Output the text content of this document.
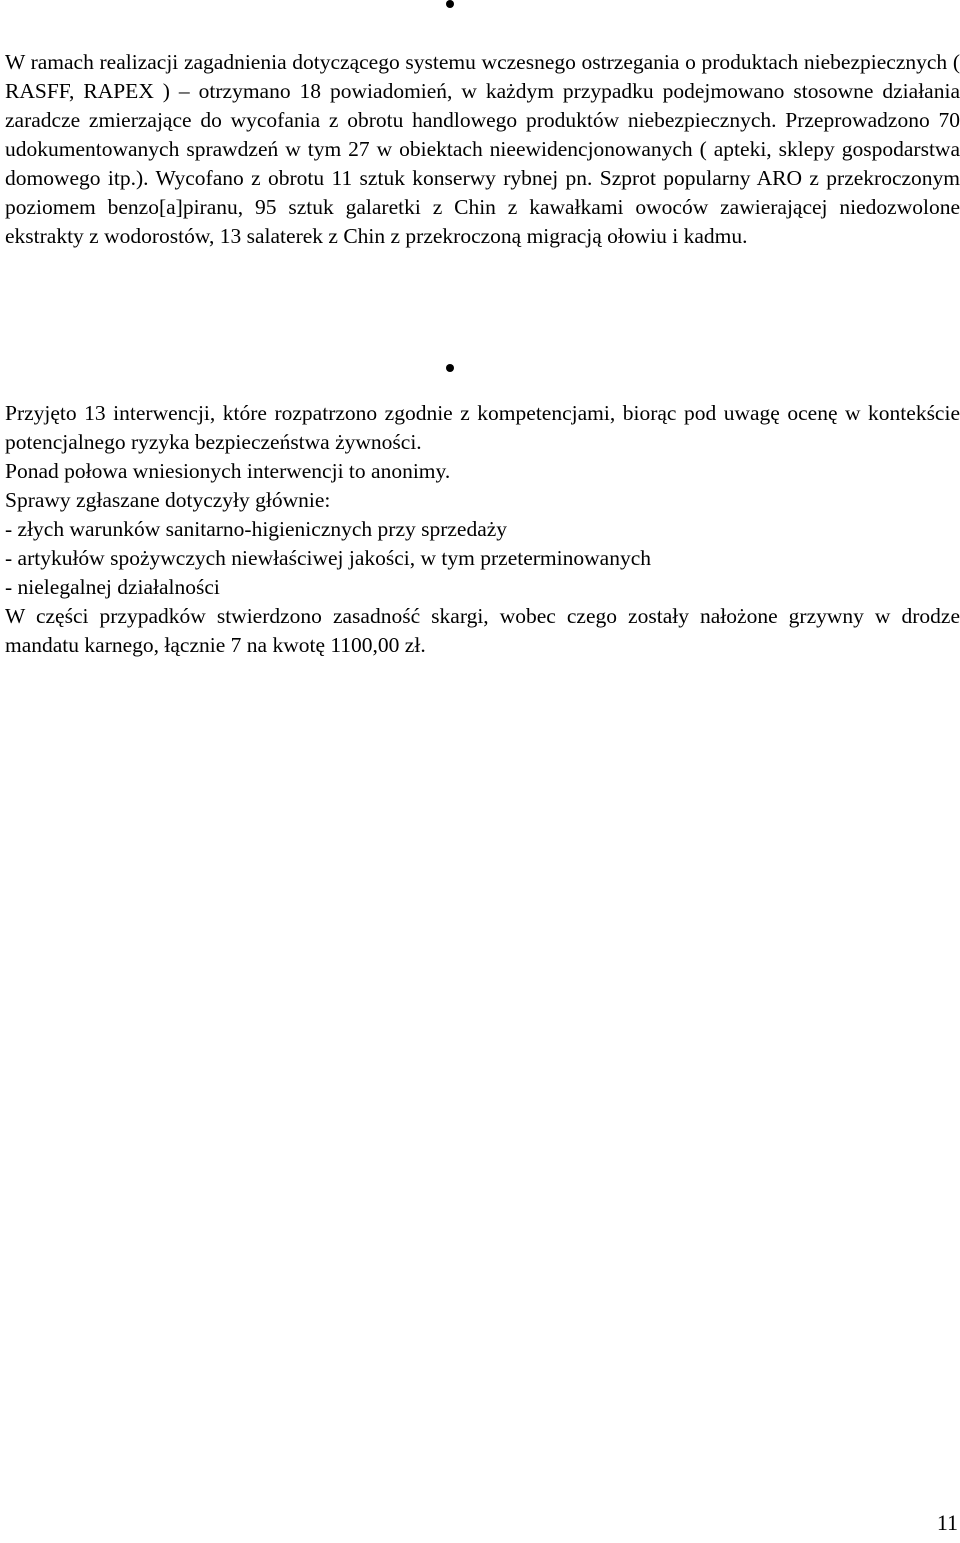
W ramach realizacji zagadnienia dotyczącego systemu wczesnego ostrzegania o produktach niebezpiecznych ( RASFF, RAPEX ) – otrzymano 18 powiadomień, w każdym przypadku podejmowano stosowne działania zaradcze zmierzające do wycofania z obrotu handlowego produktów niebezpiecznych. Przeprowadzono 70 udokumentowanych sprawdzeń w tym 27 w obiektach nieewidencjonowanych ( apteki, sklepy gospodarstwa domowego itp.). Wycofano z obrotu 11 sztuk konserwy rybnej pn. Szprot popularny ARO z przekroczonym poziomem benzo[a]piranu, 95 sztuk galaretki z Chin z kawałkami owoców zawierającej niedozwolone ekstrakty z wodorostów, 13 salaterek z Chin z przekroczoną migracją ołowiu i kadmu.

Przyjęto 13 interwencji, które rozpatrzono zgodnie z kompetencjami, biorąc pod uwagę ocenę w kontekście potencjalnego ryzyka bezpieczeństwa żywności.

Ponad połowa wniesionych interwencji to anonimy.

Sprawy zgłaszane dotyczyły głównie:

- złych warunków sanitarno-higienicznych przy sprzedaży

- artykułów spożywczych niewłaściwej jakości, w tym przeterminowanych

- nielegalnej działalności

W części przypadków stwierdzono zasadność skargi, wobec czego zostały nałożone grzywny w drodze mandatu karnego, łącznie 7 na kwotę 1100,00 zł.

11
